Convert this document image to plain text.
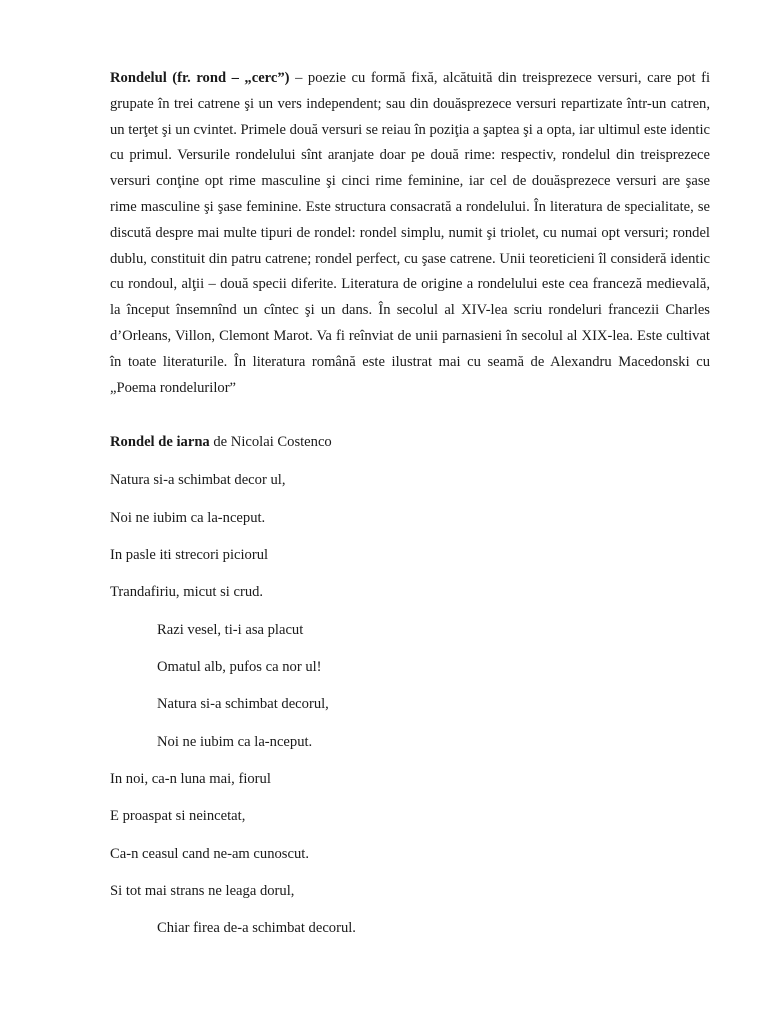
Rondelul (fr. rond – „cerc”) – poezie cu formă fixă, alcătuită din treisprezece versuri, care pot fi grupate în trei catrene şi un vers independent; sau din douăsprezece versuri repartizate într-un catren, un terţet şi un cvintet. Primele două versuri se reiau în poziţia a şaptea şi a opta, iar ultimul este identic cu primul. Versurile rondelului sînt aranjate doar pe două rime: respectiv, rondelul din treisprezece versuri conţine opt rime masculine şi cinci rime feminine, iar cel de douăsprezece versuri are şase rime masculine şi şase feminine. Este structura consacrată a rondelului. În literatura de specialitate, se discută despre mai multe tipuri de rondel: rondel simplu, numit şi triolet, cu numai opt versuri; rondel dublu, constituit din patru catrene; rondel perfect, cu şase catrene. Unii teoreticieni îl consideră identic cu rondoul, alţii – două specii diferite. Literatura de origine a rondelului este cea franceză medievală, la început însemnînd un cîntec şi un dans. În secolul al XIV-lea scriu rondeluri francezii Charles d’Orleans, Villon, Clemont Marot. Va fi reînviat de unii parnasieni în secolul al XIX-lea. Este cultivat în toate literaturile. În literatura română este ilustrat mai cu seamă de Alexandru Macedonski cu „Poema rondelurilor”

Rondel de iarna de Nicolai Costenco

Natura si-a schimbat decor ul,

Noi ne iubim ca la-nceput.

In pasle iti strecori piciorul

Trandafiriu, micut si crud.

Razi vesel, ti-i asa placut

Omatul alb, pufos ca nor ul!

Natura si-a schimbat decorul,

Noi ne iubim ca la-nceput.

In noi, ca-n luna mai, fiorul

E proaspat si neincetat,

Ca-n ceasul cand ne-am cunoscut.

Si tot mai strans ne leaga dorul,

Chiar firea de-a schimbat decorul.
